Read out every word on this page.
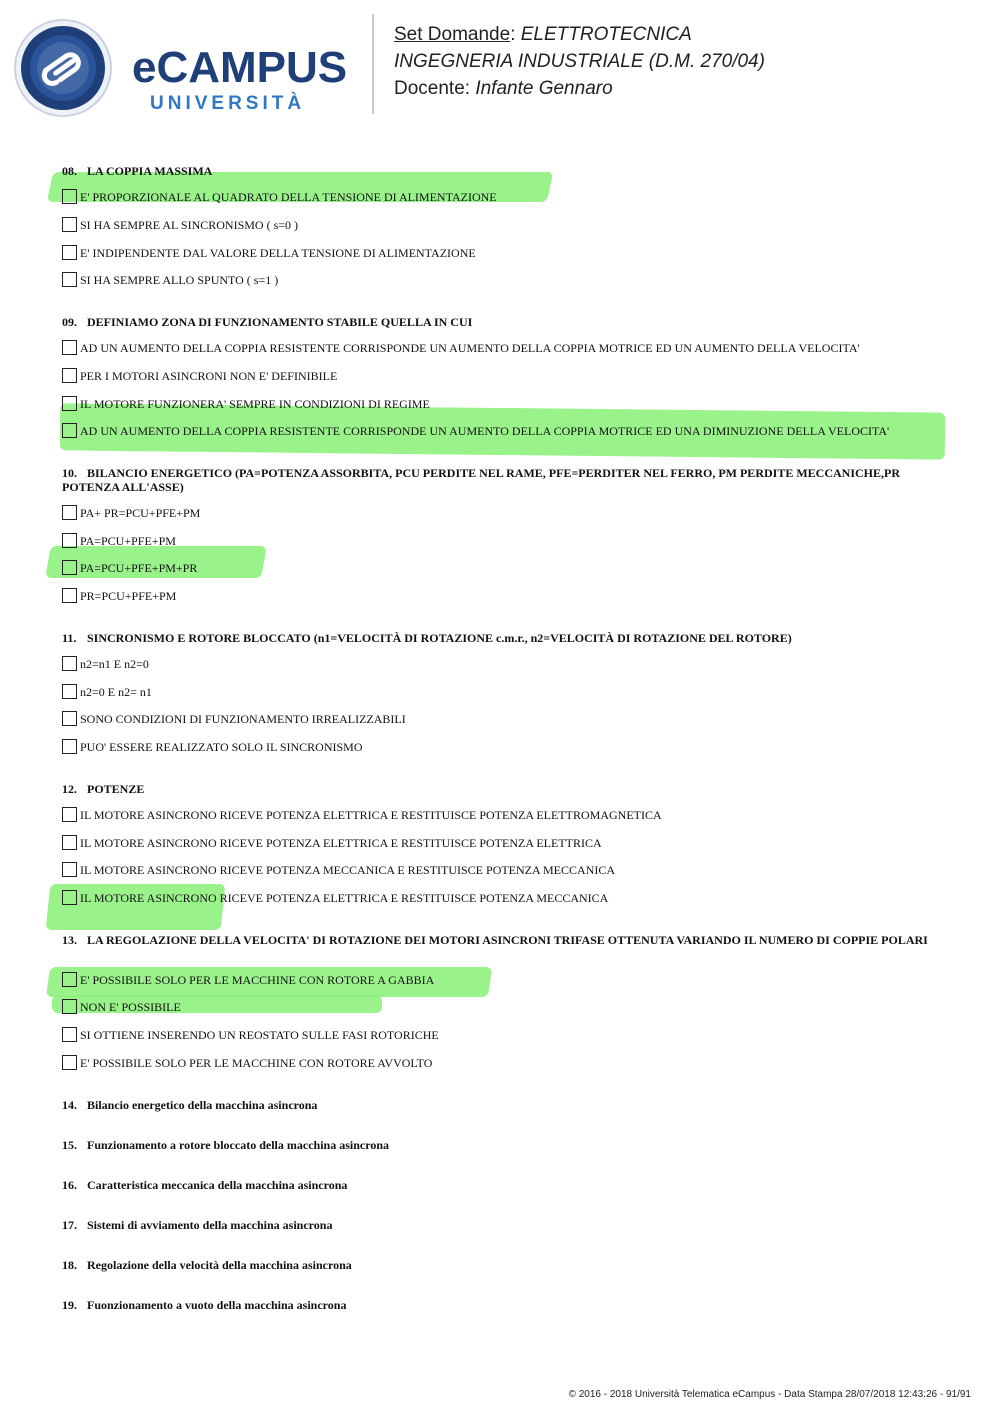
eCAMPUS
UNIVERSITÀ
Set Domande: ELETTROTECNICA
INGEGNERIA INDUSTRIALE (D.M. 270/04)
Docente: Infante Gennaro
08. LA COPPIA MASSIMA
E' PROPORZIONALE AL QUADRATO DELLA TENSIONE DI ALIMENTAZIONE
SI HA SEMPRE AL SINCRONISMO ( s=0 )
E' INDIPENDENTE DAL VALORE DELLA TENSIONE DI ALIMENTAZIONE
SI HA SEMPRE ALLO SPUNTO ( s=1 )
09. DEFINIAMO ZONA DI FUNZIONAMENTO STABILE QUELLA IN CUI
AD UN AUMENTO DELLA COPPIA RESISTENTE CORRISPONDE UN AUMENTO DELLA COPPIA MOTRICE ED UN AUMENTO DELLA VELOCITA'
PER I MOTORI ASINCRONI NON E' DEFINIBILE
IL MOTORE FUNZIONERA' SEMPRE IN CONDIZIONI DI REGIME
AD UN AUMENTO DELLA COPPIA RESISTENTE CORRISPONDE UN AUMENTO DELLA COPPIA MOTRICE ED UNA DIMINUZIONE DELLA VELOCITA'
10. BILANCIO ENERGETICO (PA=POTENZA ASSORBITA, PCU PERDITE NEL RAME, PFE=PERDITER NEL FERRO, PM PERDITE MECCANICHE,PR POTENZA ALL'ASSE)
PA+ PR=PCU+PFE+PM
PA=PCU+PFE+PM
PA=PCU+PFE+PM+PR
PR=PCU+PFE+PM
11. SINCRONISMO E ROTORE BLOCCATO (n1=VELOCITÀ DI ROTAZIONE c.m.r., n2=VELOCITÀ DI ROTAZIONE DEL ROTORE)
n2=n1 E n2=0
n2=0 E n2= n1
SONO CONDIZIONI DI FUNZIONAMENTO IRREALIZZABILI
PUO' ESSERE REALIZZATO SOLO IL SINCRONISMO
12. POTENZE
IL MOTORE ASINCRONO RICEVE POTENZA ELETTRICA E RESTITUISCE POTENZA ELETTROMAGNETICA
IL MOTORE ASINCRONO RICEVE POTENZA ELETTRICA E RESTITUISCE POTENZA ELETTRICA
IL MOTORE ASINCRONO RICEVE POTENZA MECCANICA E RESTITUISCE POTENZA MECCANICA
IL MOTORE ASINCRONO RICEVE POTENZA ELETTRICA E RESTITUISCE POTENZA MECCANICA
13. LA REGOLAZIONE DELLA VELOCITA' DI ROTAZIONE DEI MOTORI ASINCRONI TRIFASE OTTENUTA VARIANDO IL NUMERO DI COPPIE POLARI
E' POSSIBILE SOLO PER LE MACCHINE CON ROTORE A GABBIA
NON E' POSSIBILE
SI OTTIENE INSERENDO UN REOSTATO SULLE FASI ROTORICHE
E' POSSIBILE SOLO PER LE MACCHINE CON ROTORE AVVOLTO
14. Bilancio energetico della macchina asincrona
15. Funzionamento a rotore bloccato della macchina asincrona
16. Caratteristica meccanica della macchina asincrona
17. Sistemi di avviamento della macchina asincrona
18. Regolazione della velocità della macchina asincrona
19. Fuonzionamento a vuoto della macchina asincrona
© 2016 - 2018 Università Telematica eCampus - Data Stampa 28/07/2018 12:43:26 - 91/91
